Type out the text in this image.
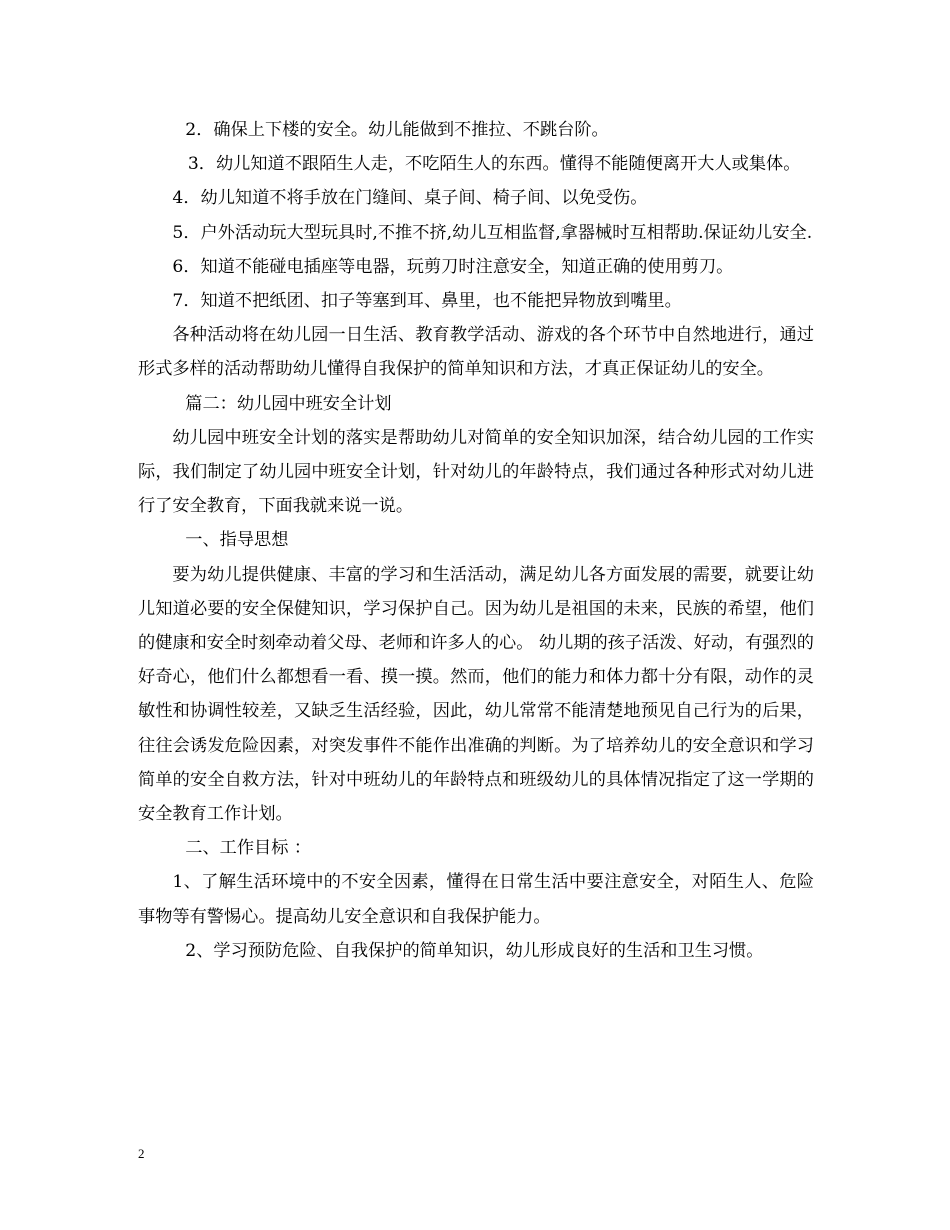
2．确保上下楼的安全。幼儿能做到不推拉、不跳台阶。

3．幼儿知道不跟陌生人走，不吃陌生人的东西。懂得不能随便离开大人或集体。

4．幼儿知道不将手放在门缝间、桌子间、椅子间、以免受伤。

5．户外活动玩大型玩具时,不推不挤,幼儿互相监督,拿器械时互相帮助.保证幼儿安全.

6．知道不能碰电插座等电器，玩剪刀时注意安全，知道正确的使用剪刀。

7．知道不把纸团、扣子等塞到耳、鼻里，也不能把异物放到嘴里。

各种活动将在幼儿园一日生活、教育教学活动、游戏的各个环节中自然地进行，通过形式多样的活动帮助幼儿懂得自我保护的简单知识和方法，才真正保证幼儿的安全。

篇二：幼儿园中班安全计划

幼儿园中班安全计划的落实是帮助幼儿对简单的安全知识加深，结合幼儿园的工作实际，我们制定了幼儿园中班安全计划，针对幼儿的年龄特点，我们通过各种形式对幼儿进行了安全教育，下面我就来说一说。

一、指导思想

要为幼儿提供健康、丰富的学习和生活活动，满足幼儿各方面发展的需要，就要让幼儿知道必要的安全保健知识，学习保护自己。因为幼儿是祖国的未来，民族的希望，他们的健康和安全时刻牵动着父母、老师和许多人的心。 幼儿期的孩子活泼、好动，有强烈的好奇心，他们什么都想看一看、摸一摸。然而，他们的能力和体力都十分有限，动作的灵敏性和协调性较差，又缺乏生活经验，因此，幼儿常常不能清楚地预见自己行为的后果，往往会诱发危险因素，对突发事件不能作出准确的判断。为了培养幼儿的安全意识和学习简单的安全自救方法，针对中班幼儿的年龄特点和班级幼儿的具体情况指定了这一学期的安全教育工作计划。

二、工作目标 ：

1、了解生活环境中的不安全因素，懂得在日常生活中要注意安全，对陌生人、危险事物等有警惕心。提高幼儿安全意识和自我保护能力。

2、学习预防危险、自我保护的简单知识，幼儿形成良好的生活和卫生习惯。

2
